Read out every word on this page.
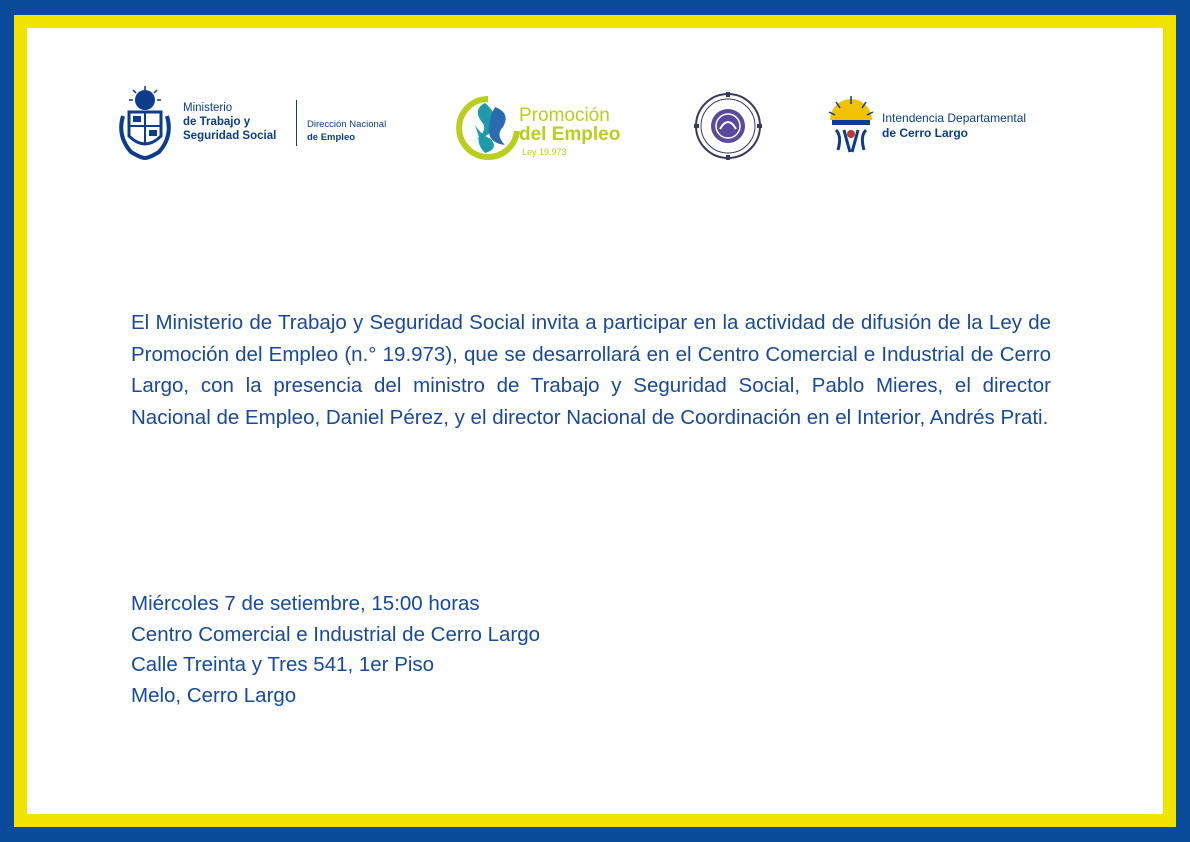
Ministerio
de Trabajo y
Seguridad Social
Dirección Nacional
de Empleo
Promoción
del Empleo
Ley 19.973
Intendencia Departamental
de Cerro Largo
El Ministerio de Trabajo y Seguridad Social invita a participar en la actividad de difusión de la Ley de Promoción del Empleo (n.° 19.973), que se desarrollará en el Centro Comercial e Industrial de Cerro Largo, con la presencia del ministro de Trabajo y Seguridad Social, Pablo Mieres, el director Nacional de Empleo, Daniel Pérez, y el director Nacional de Coordinación en el Interior, Andrés Prati.
Miércoles 7 de setiembre, 15:00 horas
Centro Comercial e Industrial de Cerro Largo
Calle Treinta y Tres 541, 1er Piso
Melo, Cerro Largo
